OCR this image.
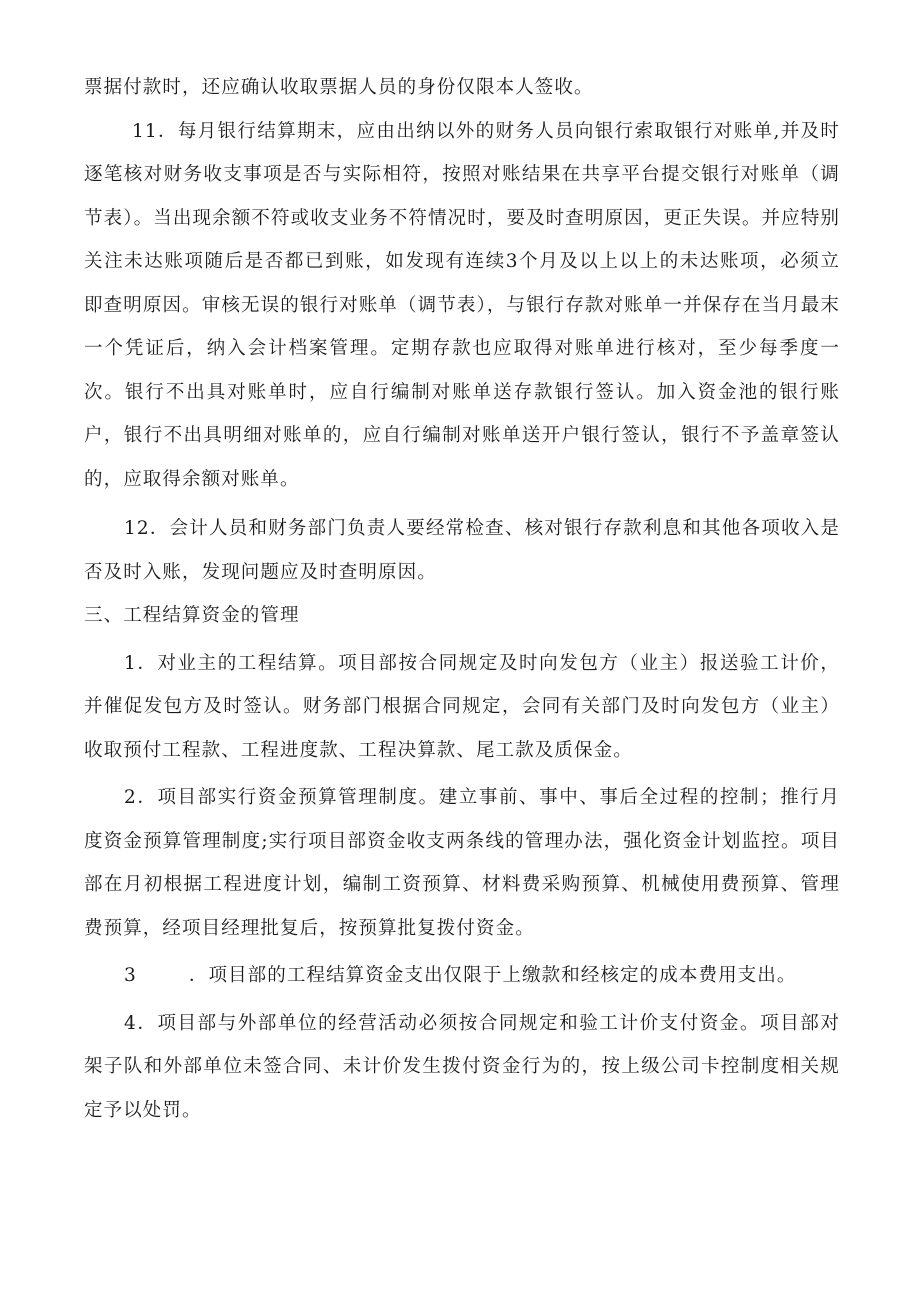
票据付款时，还应确认收取票据人员的身份仅限本人签收。

11．每月银行结算期末，应由出纳以外的财务人员向银行索取银行对账单,并及时逐笔核对财务收支事项是否与实际相符，按照对账结果在共享平台提交银行对账单（调节表）。当出现余额不符或收支业务不符情况时，要及时查明原因，更正失误。并应特别关注未达账项随后是否都已到账，如发现有连续3个月及以上以上的未达账项，必须立即查明原因。审核无误的银行对账单（调节表），与银行存款对账单一并保存在当月最末一个凭证后，纳入会计档案管理。定期存款也应取得对账单进行核对，至少每季度一次。银行不出具对账单时，应自行编制对账单送存款银行签认。加入资金池的银行账户，银行不出具明细对账单的，应自行编制对账单送开户银行签认，银行不予盖章签认的，应取得余额对账单。

12．会计人员和财务部门负责人要经常检查、核对银行存款利息和其他各项收入是否及时入账，发现问题应及时查明原因。

三、工程结算资金的管理

1．对业主的工程结算。项目部按合同规定及时向发包方（业主）报送验工计价，并催促发包方及时签认。财务部门根据合同规定，会同有关部门及时向发包方（业主）收取预付工程款、工程进度款、工程决算款、尾工款及质保金。

2．项目部实行资金预算管理制度。建立事前、事中、事后全过程的控制；推行月度资金预算管理制度;实行项目部资金收支两条线的管理办法，强化资金计划监控。项目部在月初根据工程进度计划，编制工资预算、材料费采购预算、机械使用费预算、管理费预算，经项目经理批复后，按预算批复拨付资金。

3	．项目部的工程结算资金支出仅限于上缴款和经核定的成本费用支出。

4．项目部与外部单位的经营活动必须按合同规定和验工计价支付资金。项目部对架子队和外部单位未签合同、未计价发生拨付资金行为的，按上级公司卡控制度相关规定予以处罚。
